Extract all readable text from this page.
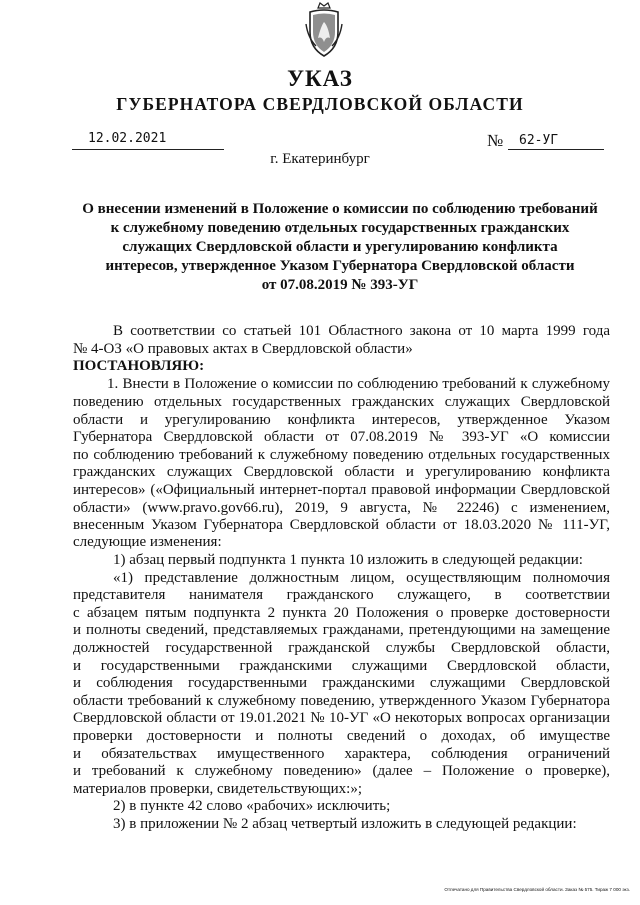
УКАЗ
ГУБЕРНАТОРА СВЕРДЛОВСКОЙ ОБЛАСТИ
12.02.2021	№ 62-УГ
г. Екатеринбург
О внесении изменений в Положение о комиссии по соблюдению требований
к служебному поведению отдельных государственных гражданских
служащих Свердловской области и урегулированию конфликта
интересов, утвержденное Указом Губернатора Свердловской области
от 07.08.2019 № 393-УГ
В соответствии со статьей 101 Областного закона от 10 марта 1999 года
№ 4-ОЗ «О правовых актах в Свердловской области»
ПОСТАНОВЛЯЮ:
1. Внести в Положение о комиссии по соблюдению требований к служебному
поведению отдельных государственных гражданских служащих Свердловской
области и урегулированию конфликта интересов, утвержденное Указом
Губернатора Свердловской области от 07.08.2019 № 393-УГ «О комиссии
по соблюдению требований к служебному поведению отдельных государственных
гражданских служащих Свердловской области и урегулированию конфликта
интересов» («Официальный интернет-портал правовой информации Свердловской
области» (www.pravo.gov66.ru), 2019, 9 августа, № 22246) с изменением,
внесенным Указом Губернатора Свердловской области от 18.03.2020 № 111-УГ,
следующие изменения:
1) абзац первый подпункта 1 пункта 10 изложить в следующей редакции:
«1) представление должностным лицом, осуществляющим полномочия
представителя нанимателя гражданского служащего, в соответствии
с абзацем пятым подпункта 2 пункта 20 Положения о проверке достоверности
и полноты сведений, представляемых гражданами, претендующими на замещение
должностей государственной гражданской службы Свердловской области,
и государственными гражданскими служащими Свердловской области,
и соблюдения государственными гражданскими служащими Свердловской
области требований к служебному поведению, утвержденного Указом Губернатора
Свердловской области от 19.01.2021 № 10-УГ «О некоторых вопросах организации
проверки достоверности и полноты сведений о доходах, об имуществе
и обязательствах имущественного характера, соблюдения ограничений
и требований к служебному поведению» (далее – Положение о проверке),
материалов проверки, свидетельствующих:»;
2) в пункте 42 слово «рабочих» исключить;
3) в приложении № 2 абзац четвертый изложить в следующей редакции:
Отпечатано для Правительства Свердловской области. Заказ № 575. Тираж 7 000 экз.
